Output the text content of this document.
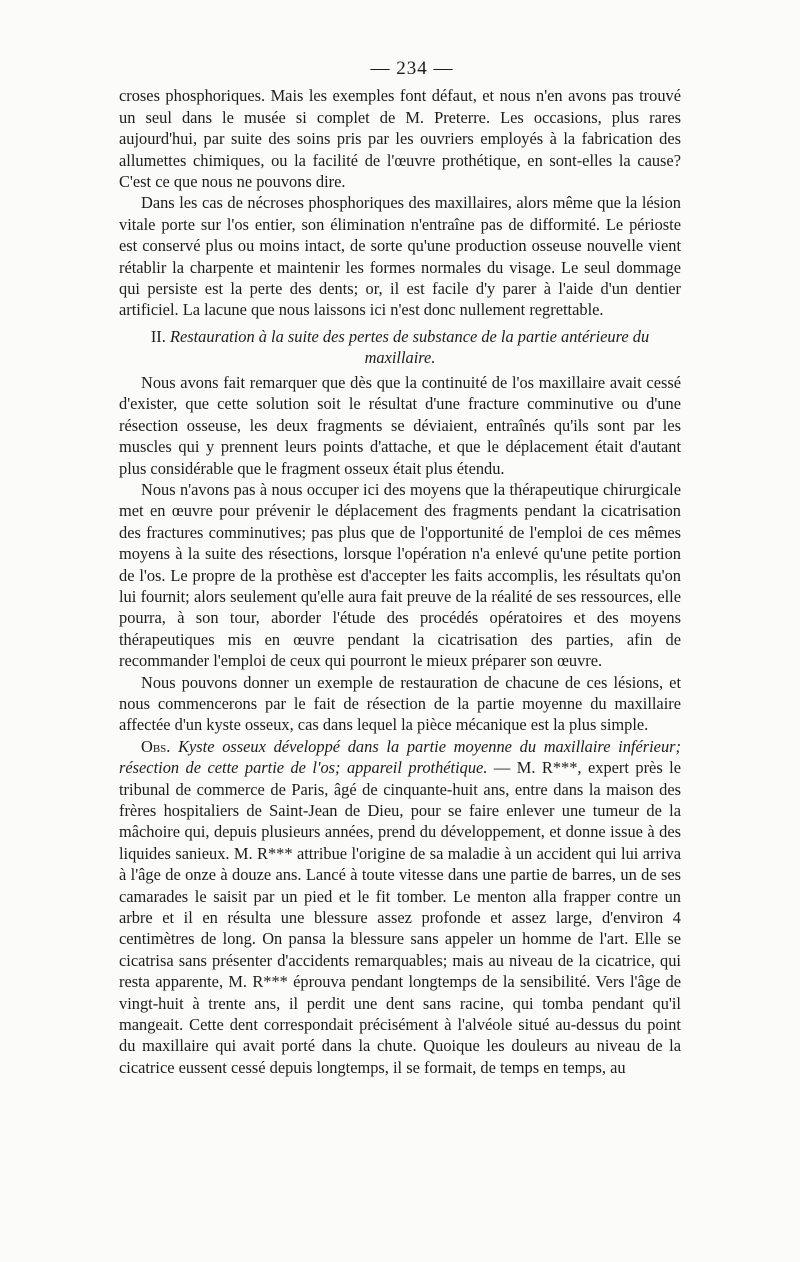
— 234 —

croses phosphoriques. Mais les exemples font défaut, et nous n'en avons pas trouvé un seul dans le musée si complet de M. Preterre. Les occasions, plus rares aujourd'hui, par suite des soins pris par les ouvriers employés à la fabrication des allumettes chimiques, ou la facilité de l'œuvre prothétique, en sont-elles la cause? C'est ce que nous ne pouvons dire.

Dans les cas de nécroses phosphoriques des maxillaires, alors même que la lésion vitale porte sur l'os entier, son élimination n'entraîne pas de difformité. Le périoste est conservé plus ou moins intact, de sorte qu'une production osseuse nouvelle vient rétablir la charpente et maintenir les formes normales du visage. Le seul dommage qui persiste est la perte des dents; or, il est facile d'y parer à l'aide d'un dentier artificiel. La lacune que nous laissons ici n'est donc nullement regrettable.

II. Restauration à la suite des pertes de substance de la partie antérieure du maxillaire.

Nous avons fait remarquer que dès que la continuité de l'os maxillaire avait cessé d'exister, que cette solution soit le résultat d'une fracture comminutive ou d'une résection osseuse, les deux fragments se déviaient, entraînés qu'ils sont par les muscles qui y prennent leurs points d'attache, et que le déplacement était d'autant plus considérable que le fragment osseux était plus étendu.

Nous n'avons pas à nous occuper ici des moyens que la thérapeutique chirurgicale met en œuvre pour prévenir le déplacement des fragments pendant la cicatrisation des fractures comminutives; pas plus que de l'opportunité de l'emploi de ces mêmes moyens à la suite des résections, lorsque l'opération n'a enlevé qu'une petite portion de l'os. Le propre de la prothèse est d'accepter les faits accomplis, les résultats qu'on lui fournit; alors seulement qu'elle aura fait preuve de la réalité de ses ressources, elle pourra, à son tour, aborder l'étude des procédés opératoires et des moyens thérapeutiques mis en œuvre pendant la cicatrisation des parties, afin de recommander l'emploi de ceux qui pourront le mieux préparer son œuvre.

Nous pouvons donner un exemple de restauration de chacune de ces lésions, et nous commencerons par le fait de résection de la partie moyenne du maxillaire affectée d'un kyste osseux, cas dans lequel la pièce mécanique est la plus simple.

Obs. Kyste osseux développé dans la partie moyenne du maxillaire inférieur; résection de cette partie de l'os; appareil prothétique. — M. R***, expert près le tribunal de commerce de Paris, âgé de cinquante-huit ans, entre dans la maison des frères hospitaliers de Saint-Jean de Dieu, pour se faire enlever une tumeur de la mâchoire qui, depuis plusieurs années, prend du développement, et donne issue à des liquides sanieux. M. R*** attribue l'origine de sa maladie à un accident qui lui arriva à l'âge de onze à douze ans. Lancé à toute vitesse dans une partie de barres, un de ses camarades le saisit par un pied et le fit tomber. Le menton alla frapper contre un arbre et il en résulta une blessure assez profonde et assez large, d'environ 4 centimètres de long. On pansa la blessure sans appeler un homme de l'art. Elle se cicatrisa sans présenter d'accidents remarquables; mais au niveau de la cicatrice, qui resta apparente, M. R*** éprouva pendant longtemps de la sensibilité. Vers l'âge de vingt-huit à trente ans, il perdit une dent sans racine, qui tomba pendant qu'il mangeait. Cette dent correspondait précisément à l'alvéole situé au-dessus du point du maxillaire qui avait porté dans la chute. Quoique les douleurs au niveau de la cicatrice eussent cessé depuis longtemps, il se formait, de temps en temps, au
